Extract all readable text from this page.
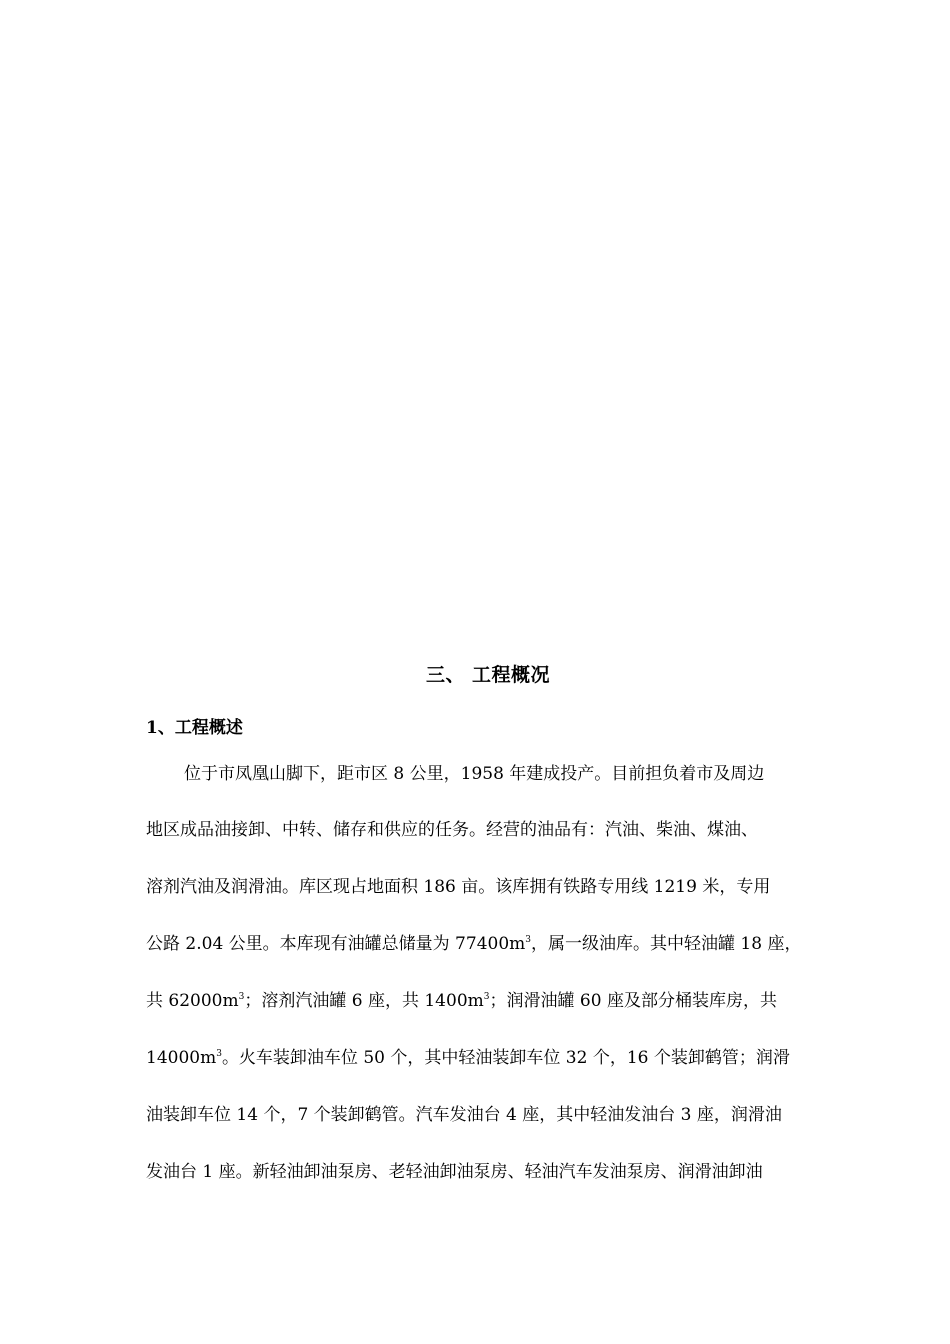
三、 工程概况
1、工程概述
位于市凤凰山脚下，距市区 8 公里，1958 年建成投产。目前担负着市及周边
地区成品油接卸、中转、储存和供应的任务。经营的油品有：汽油、柴油、煤油、
溶剂汽油及润滑油。库区现占地面积 186 亩。该库拥有铁路专用线 1219 米，专用
公路 2.04 公里。本库现有油罐总储量为 $77400m^3$，属一级油库。其中轻油罐 18 座，
共 $62000m^3$；溶剂汽油罐 6 座，共 $1400m^3$；润滑油罐 60 座及部分桶装库房，共
$14000m^3$。火车装卸油车位 50 个，其中轻油装卸车位 32 个，16 个装卸鹤管；润滑
油装卸车位 14 个，7 个装卸鹤管。汽车发油台 4 座，其中轻油发油台 3 座，润滑油
发油台 1 座。新轻油卸油泵房、老轻油卸油泵房、轻油汽车发油泵房、润滑油卸油
